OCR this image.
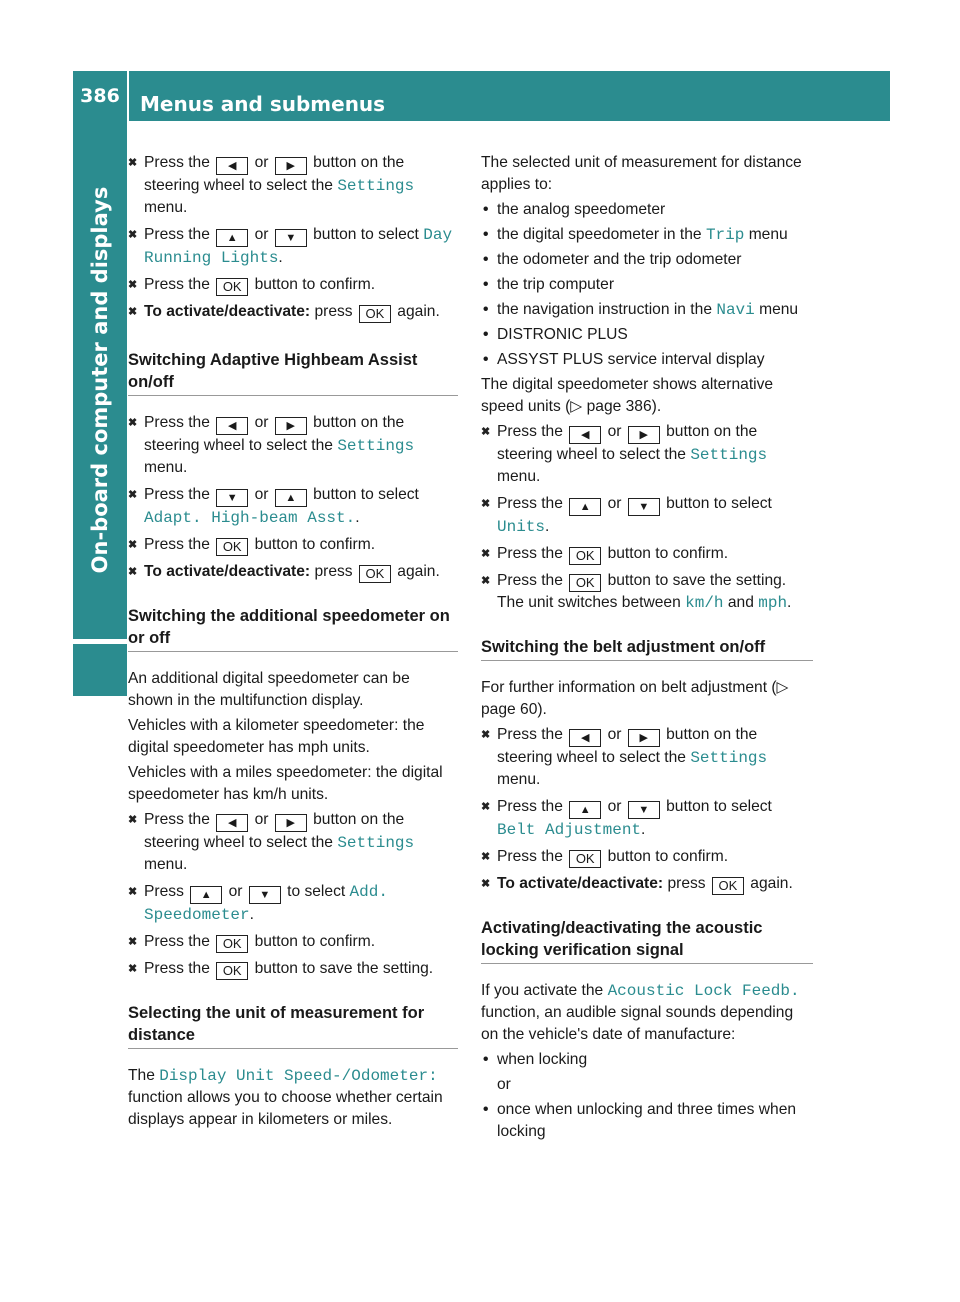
386	Menus and submenus
On-board computer and displays
✖ Press the ◀ or ▶ button on the steering wheel to select the Settings menu.
✖ Press the ▲ or ▼ button to select Day Running Lights.
✖ Press the OK button to confirm.
✖ To activate/deactivate: press OK again.
Switching Adaptive Highbeam Assist on/off
✖ Press the ◀ or ▶ button on the steering wheel to select the Settings menu.
✖ Press the ▼ or ▲ button to select Adapt. High-beam Asst..
✖ Press the OK button to confirm.
✖ To activate/deactivate: press OK again.
Switching the additional speedometer on or off

An additional digital speedometer can be shown in the multifunction display.

Vehicles with a kilometer speedometer: the digital speedometer has mph units.

Vehicles with a miles speedometer: the digital speedometer has km/h units.

✖ Press the ◀ or ▶ button on the steering wheel to select the Settings menu.
✖ Press ▲ or ▼ to select Add. Speedometer.
✖ Press the OK button to confirm.
✖ Press the OK button to save the setting.
Selecting the unit of measurement for distance

The Display Unit Speed-/Odometer: function allows you to choose whether certain displays appear in kilometers or miles.

The selected unit of measurement for distance applies to:

• the analog speedometer
• the digital speedometer in the Trip menu
• the odometer and the trip odometer
• the trip computer
• the navigation instruction in the Navi menu
• DISTRONIC PLUS
• ASSYST PLUS service interval display

The digital speedometer shows alternative speed units (▷ page 386).

✖ Press the ◀ or ▶ button on the steering wheel to select the Settings menu.
✖ Press the ▲ or ▼ button to select Units.
✖ Press the OK button to confirm.
✖ Press the OK button to save the setting. The unit switches between km/h and mph.
Switching the belt adjustment on/off

For further information on belt adjustment (▷ page 60).

✖ Press the ◀ or ▶ button on the steering wheel to select the Settings menu.
✖ Press the ▲ or ▼ button to select Belt Adjustment.
✖ Press the OK button to confirm.
✖ To activate/deactivate: press OK again.
Activating/deactivating the acoustic locking verification signal

If you activate the Acoustic Lock Feedb. function, an audible signal sounds depending on the vehicle's date of manufacture:

• when locking
or
• once when unlocking and three times when locking
